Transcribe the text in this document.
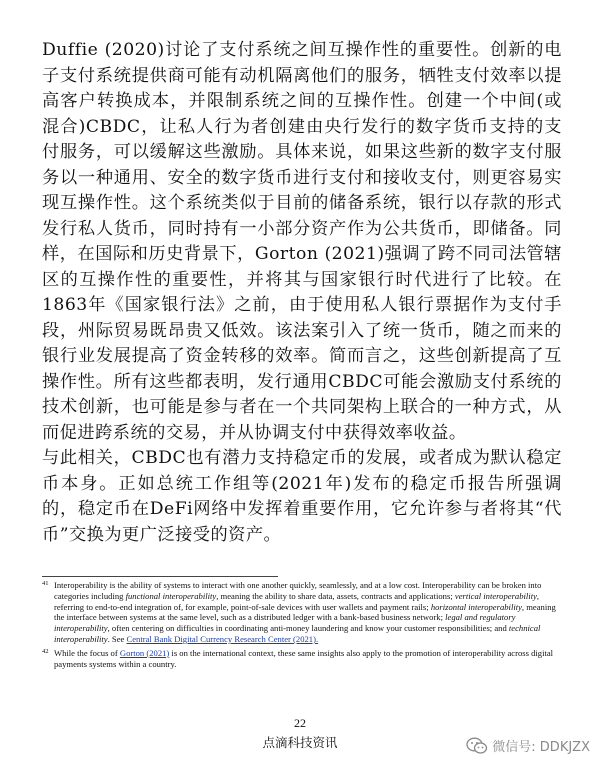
Duffie (2020)讨论了支付系统之间互操作性的重要性。创新的电子支付系统提供商可能有动机隔离他们的服务，牺牲支付效率以提高客户转换成本，并限制系统之间的互操作性。创建一个中间(或混合)CBDC，让私人行为者创建由央行发行的数字货币支持的支付服务，可以缓解这些激励。具体来说，如果这些新的数字支付服务以一种通用、安全的数字货币进行支付和接收支付，则更容易实现互操作性。这个系统类似于目前的储备系统，银行以存款的形式发行私人货币，同时持有一小部分资产作为公共货币，即储备。同样，在国际和历史背景下，Gorton (2021)强调了跨不同司法管辖区的互操作性的重要性，并将其与国家银行时代进行了比较。在1863年《国家银行法》之前，由于使用私人银行票据作为支付手段，州际贸易既昂贵又低效。该法案引入了统一货币，随之而来的银行业发展提高了资金转移的效率。简而言之，这些创新提高了互操作性。所有这些都表明，发行通用CBDC可能会激励支付系统的技术创新，也可能是参与者在一个共同架构上联合的一种方式，从而促进跨系统的交易，并从协调支付中获得效率收益。

与此相关，CBDC也有潜力支持稳定币的发展，或者成为默认稳定币本身。正如总统工作组等(2021年)发布的稳定币报告所强调的，稳定币在DeFi网络中发挥着重要作用，它允许参与者将其“代币”交换为更广泛接受的资产。

41 Interoperability is the ability of systems to interact with one another quickly, seamlessly, and at a low cost. Interoperability can be broken into categories including functional interoperability, meaning the ability to share data, assets, contracts and applications; vertical interoperability, referring to end-to-end integration of, for example, point-of-sale devices with user wallets and payment rails; horizontal interoperability, meaning the interface between systems at the same level, such as a distributed ledger with a bank-based business network; legal and regulatory interoperability, often centering on difficulties in coordinating anti-money laundering and know your customer responsibilities; and technical interoperability. See Central Bank Digital Currency Research Center (2021).
42 While the focus of Gorton (2021) is on the international context, these same insights also apply to the promotion of interoperability across digital payments systems within a country.
22
点滴科技资讯	微信号: DDKJZX
